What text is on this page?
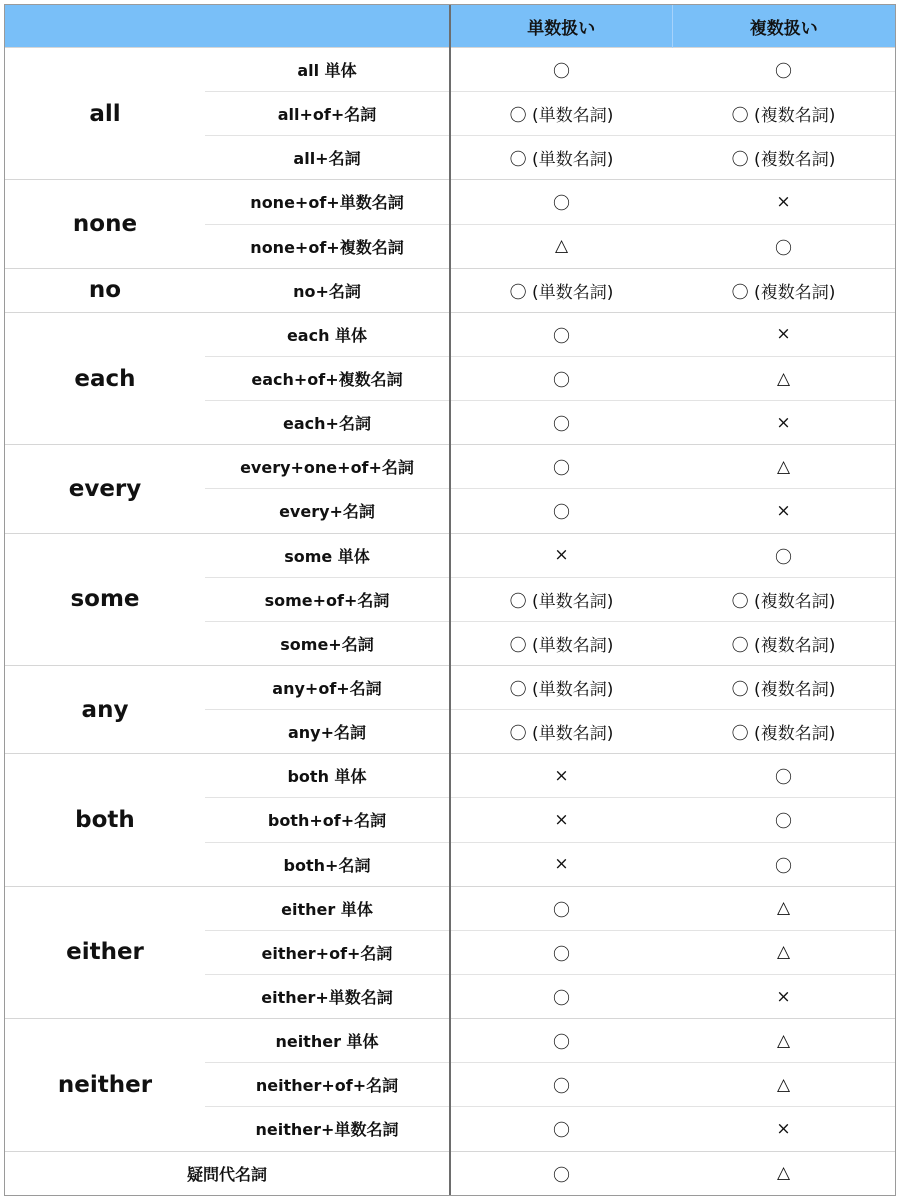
		単数扱い	複数扱い
all	all 単体	〇	〇
	all+of+名詞	〇 (単数名詞)	〇 (複数名詞)
	all+名詞	〇 (単数名詞)	〇 (複数名詞)
none	none+of+単数名詞	〇	×
	none+of+複数名詞	△	〇
no	no+名詞	〇 (単数名詞)	〇 (複数名詞)
each	each 単体	〇	×
	each+of+複数名詞	〇	△
	each+名詞	〇	×
every	every+one+of+名詞	〇	△
	every+名詞	〇	×
some	some 単体	×	〇
	some+of+名詞	〇 (単数名詞)	〇 (複数名詞)
	some+名詞	〇 (単数名詞)	〇 (複数名詞)
any	any+of+名詞	〇 (単数名詞)	〇 (複数名詞)
	any+名詞	〇 (単数名詞)	〇 (複数名詞)
both	both 単体	×	〇
	both+of+名詞	×	〇
	both+名詞	×	〇
either	either 単体	〇	△
	either+of+名詞	〇	△
	either+単数名詞	〇	×
neither	neither 単体	〇	△
	neither+of+名詞	〇	△
	neither+単数名詞	〇	×
疑問代名詞		〇	△
